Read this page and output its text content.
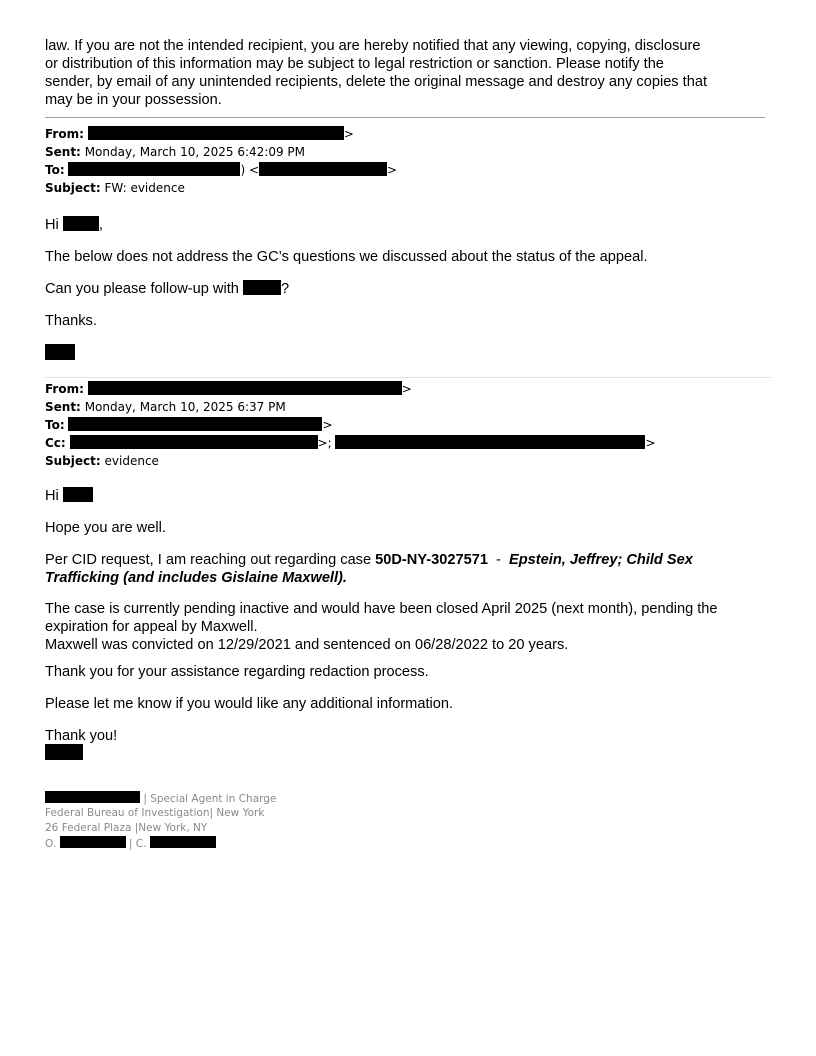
law. If you are not the intended recipient, you are hereby notified that any viewing, copying, disclosure
or distribution of this information may be subject to legal restriction or sanction. Please notify the
sender, by email of any unintended recipients, delete the original message and destroy any copies that
may be in your possession.
From:	>
Sent: Monday, March 10, 2025 6:42:09 PM
To:	) <	>
Subject: FW: evidence
Hi	,
The below does not address the GC’s questions we discussed about the status of the appeal.
Can you please follow-up with	?
Thanks.
From:	>
Sent: Monday, March 10, 2025 6:37 PM
To:	>
Cc:	>;	>
Subject: evidence
Hi
Hope you are well.
Per CID request, I am reaching out regarding case 50D-NY-3027571 - Epstein, Jeffrey; Child Sex
Trafficking (and includes Gislaine Maxwell).
The case is currently pending inactive and would have been closed April 2025 (next month), pending the
expiration for appeal by Maxwell.
Maxwell was convicted on 12/29/2021 and sentenced on 06/28/2022 to 20 years.
Thank you for your assistance regarding redaction process.
Please let me know if you would like any additional information.
Thank you!
| Special Agent in Charge
Federal Bureau of Investigation| New York
26 Federal Plaza |New York, NY
O.	| C.
